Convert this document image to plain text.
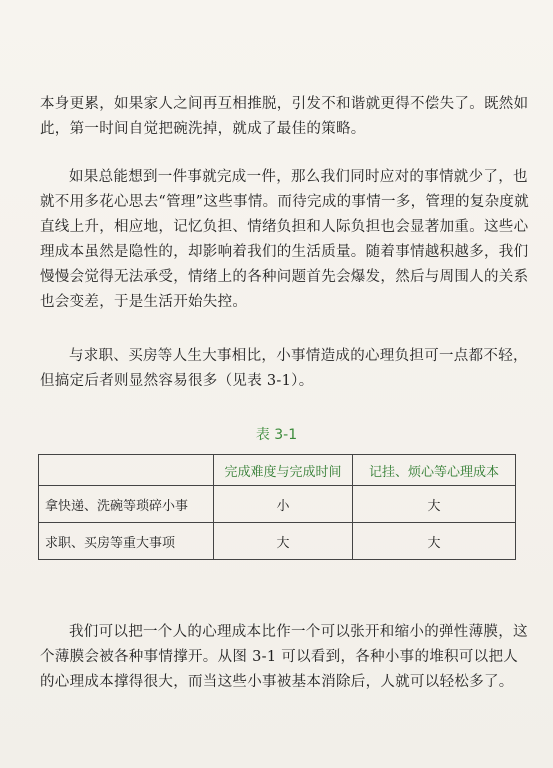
本身更累，如果家人之间再互相推脱，引发不和谐就更得不偿失了。既然如此，第一时间自觉把碗洗掉，就成了最佳的策略。

如果总能想到一件事就完成一件，那么我们同时应对的事情就少了，也就不用多花心思去“管理”这些事情。而待完成的事情一多，管理的复杂度就直线上升，相应地，记忆负担、情绪负担和人际负担也会显著加重。这些心理成本虽然是隐性的，却影响着我们的生活质量。随着事情越积越多，我们慢慢会觉得无法承受，情绪上的各种问题首先会爆发，然后与周围人的关系也会变差，于是生活开始失控。

与求职、买房等人生大事相比，小事情造成的心理负担可一点都不轻，但搞定后者则显然容易很多（见表 3-1）。

表 3-1
	完成难度与完成时间	记挂、烦心等心理成本
拿快递、洗碗等琐碎小事	小	大
求职、买房等重大事项	大	大

我们可以把一个人的心理成本比作一个可以张开和缩小的弹性薄膜，这个薄膜会被各种事情撑开。从图 3-1 可以看到，各种小事的堆积可以把人的心理成本撑得很大，而当这些小事被基本消除后，人就可以轻松多了。
